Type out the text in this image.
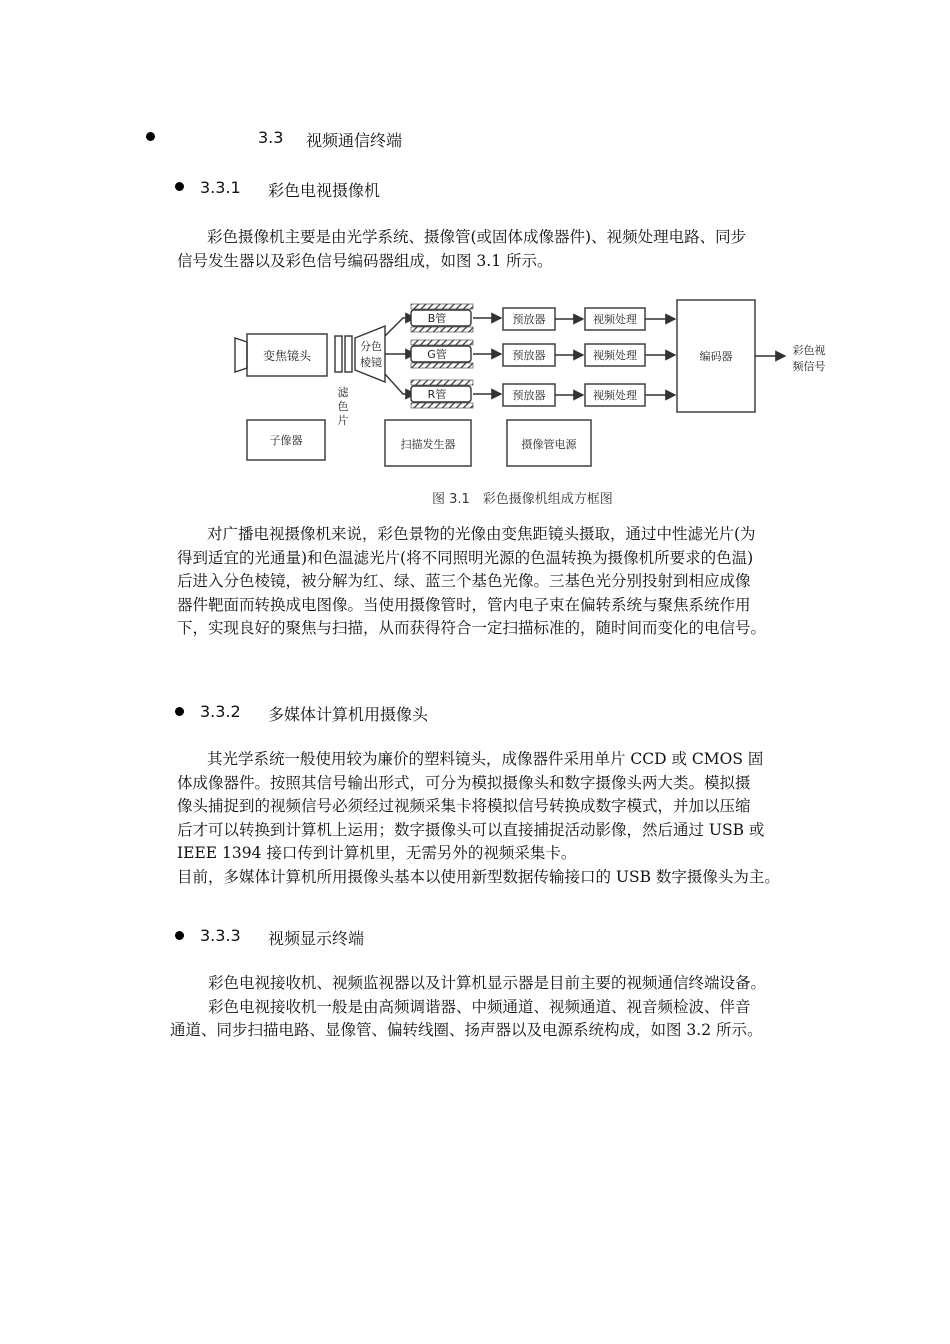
3.3 视频通信终端
3.3.1 彩色电视摄像机

彩色摄像机主要是由光学系统、摄像管(或固体成像器件)、视频处理电路、同步

信号发生器以及彩色信号编码器组成，如图 3.1 所示。

变焦镜头
分色
棱镜
滤
色
片
B管
G管
R管
预放器
预放器
预放器
视频处理
视频处理
视频处理
编码器	彩色视
频信号
子像器	扫描发生器	摄像管电源
图 3.1　彩色摄像机组成方框图

对广播电视摄像机来说，彩色景物的光像由变焦距镜头摄取，通过中性滤光片(为

得到适宜的光通量)和色温滤光片(将不同照明光源的色温转换为摄像机所要求的色温)

后进入分色棱镜，被分解为红、绿、蓝三个基色光像。三基色光分别投射到相应成像

器件靶面而转换成电图像。当使用摄像管时，管内电子束在偏转系统与聚焦系统作用

下，实现良好的聚焦与扫描，从而获得符合一定扫描标准的，随时间而变化的电信号。

3.3.2 多媒体计算机用摄像头

其光学系统一般使用较为廉价的塑料镜头，成像器件采用单片 CCD 或 CMOS 固

体成像器件。按照其信号输出形式，可分为模拟摄像头和数字摄像头两大类。模拟摄

像头捕捉到的视频信号必须经过视频采集卡将模拟信号转换成数字模式，并加以压缩

后才可以转换到计算机上运用；数字摄像头可以直接捕捉活动影像，然后通过 USB 或

IEEE 1394 接口传到计算机里，无需另外的视频采集卡。

目前，多媒体计算机所用摄像头基本以使用新型数据传输接口的 USB 数字摄像头为主。

3.3.3 视频显示终端

彩色电视接收机、视频监视器以及计算机显示器是目前主要的视频通信终端设备。

彩色电视接收机一般是由高频调谐器、中频通道、视频通道、视音频检波、伴音

通道、同步扫描电路、显像管、偏转线圈、扬声器以及电源系统构成，如图 3.2 所示。
